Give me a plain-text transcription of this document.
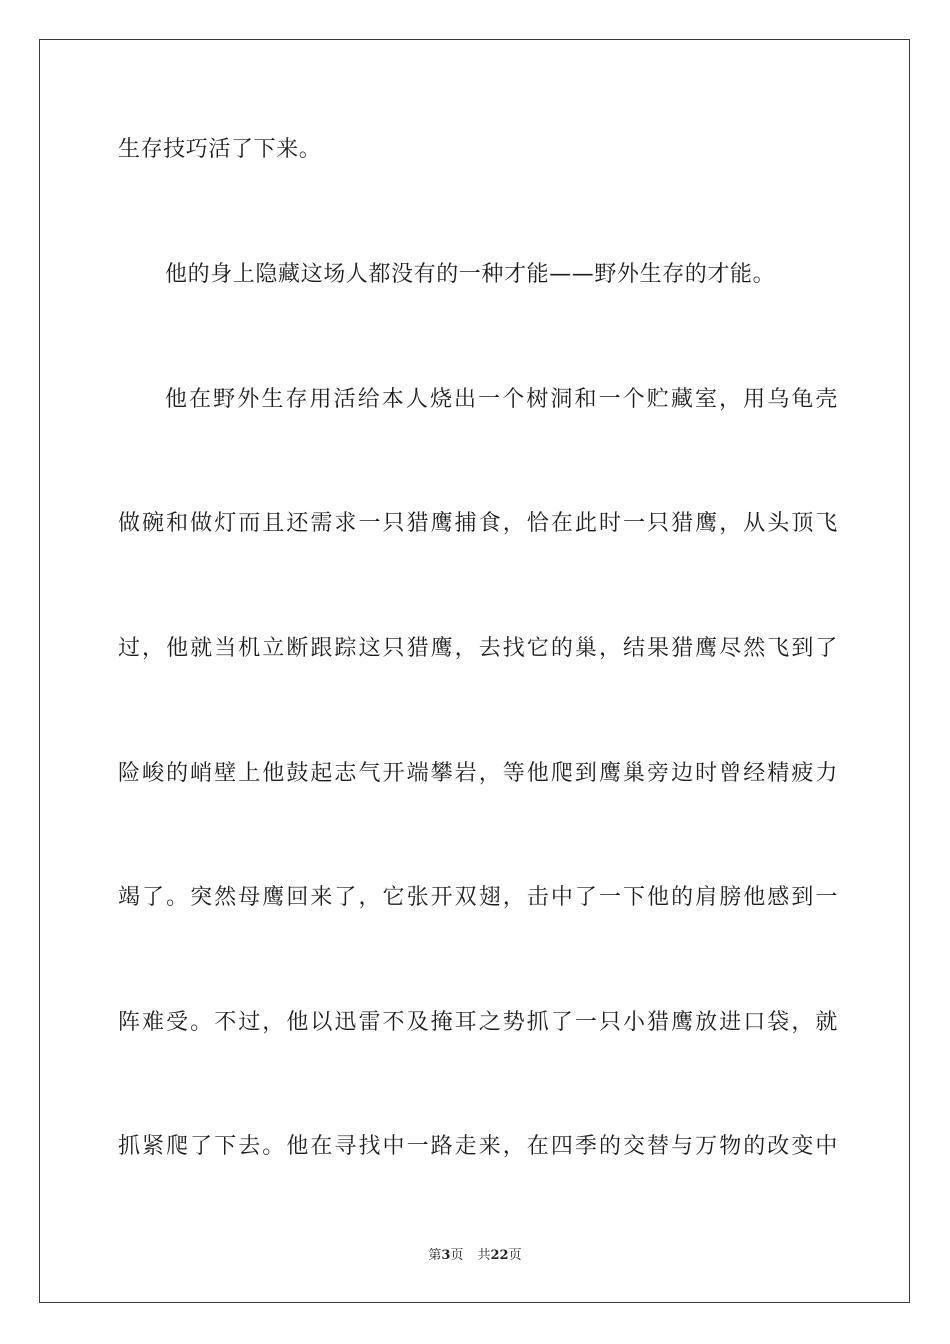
生存技巧活了下来。
他的身上隐藏这场人都没有的一种才能——野外生存的才能。
他在野外生存用活给本人烧出一个树洞和一个贮藏室，用乌龟壳
做碗和做灯而且还需求一只猎鹰捕食，恰在此时一只猎鹰，从头顶飞
过，他就当机立断跟踪这只猎鹰，去找它的巢，结果猎鹰尽然飞到了
险峻的峭壁上他鼓起志气开端攀岩，等他爬到鹰巢旁边时曾经精疲力
竭了。突然母鹰回来了，它张开双翅，击中了一下他的肩膀他感到一
阵难受。不过，他以迅雷不及掩耳之势抓了一只小猎鹰放进口袋，就
抓紧爬了下去。他在寻找中一路走来，在四季的交替与万物的改变中
第3页 共22页
